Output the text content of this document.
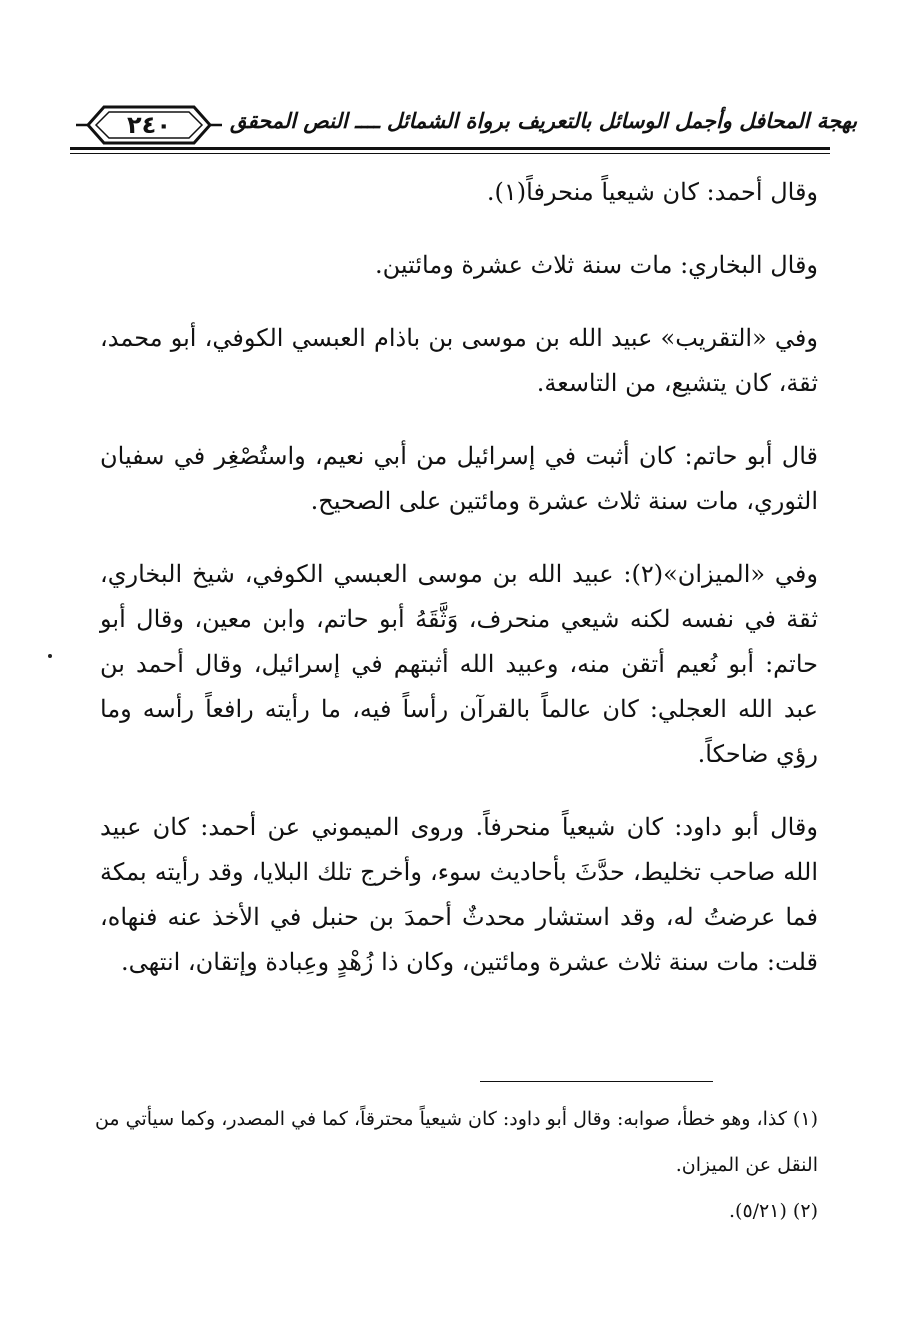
٢٤٠	بهجة المحافل وأجمل الوسائل بالتعريف برواة الشمائل ــــ النص المحقق

وقال أحمد: كان شيعياً منحرفاً(١).

وقال البخاري: مات سنة ثلاث عشرة ومائتين.

وفي «التقريب» عبيد الله بن موسى بن باذام العبسي الكوفي، أبو محمد، ثقة، كان يتشيع، من التاسعة.

قال أبو حاتم: كان أثبت في إسرائيل من أبي نعيم، واستُصْغِر في سفيان الثوري، مات سنة ثلاث عشرة ومائتين على الصحيح.

وفي «الميزان»(٢): عبيد الله بن موسى العبسي الكوفي، شيخ البخاري، ثقة في نفسه لكنه شيعي منحرف، وَثَّقَهُ أبو حاتم، وابن معين، وقال أبو حاتم: أبو نُعيم أتقن منه، وعبيد الله أثبتهم في إسرائيل، وقال أحمد بن عبد الله العجلي: كان عالماً بالقرآن رأساً فيه، ما رأيته رافعاً رأسه وما رؤي ضاحكاً.

وقال أبو داود: كان شيعياً منحرفاً. وروى الميموني عن أحمد: كان عبيد الله صاحب تخليط، حدَّثَ بأحاديث سوء، وأخرج تلك البلايا، وقد رأيته بمكة فما عرضتُ له، وقد استشار محدثٌ أحمدَ بن حنبل في الأخذ عنه فنهاه، قلت: مات سنة ثلاث عشرة ومائتين، وكان ذا زُهْدٍ وعِبادة وإتقان، انتهى.

(١) كذا، وهو خطأ، صوابه: وقال أبو داود: كان شيعياً محترقاً، كما في المصدر، وكما سيأتي من النقل عن الميزان.

(٢) (٥/٢١).
